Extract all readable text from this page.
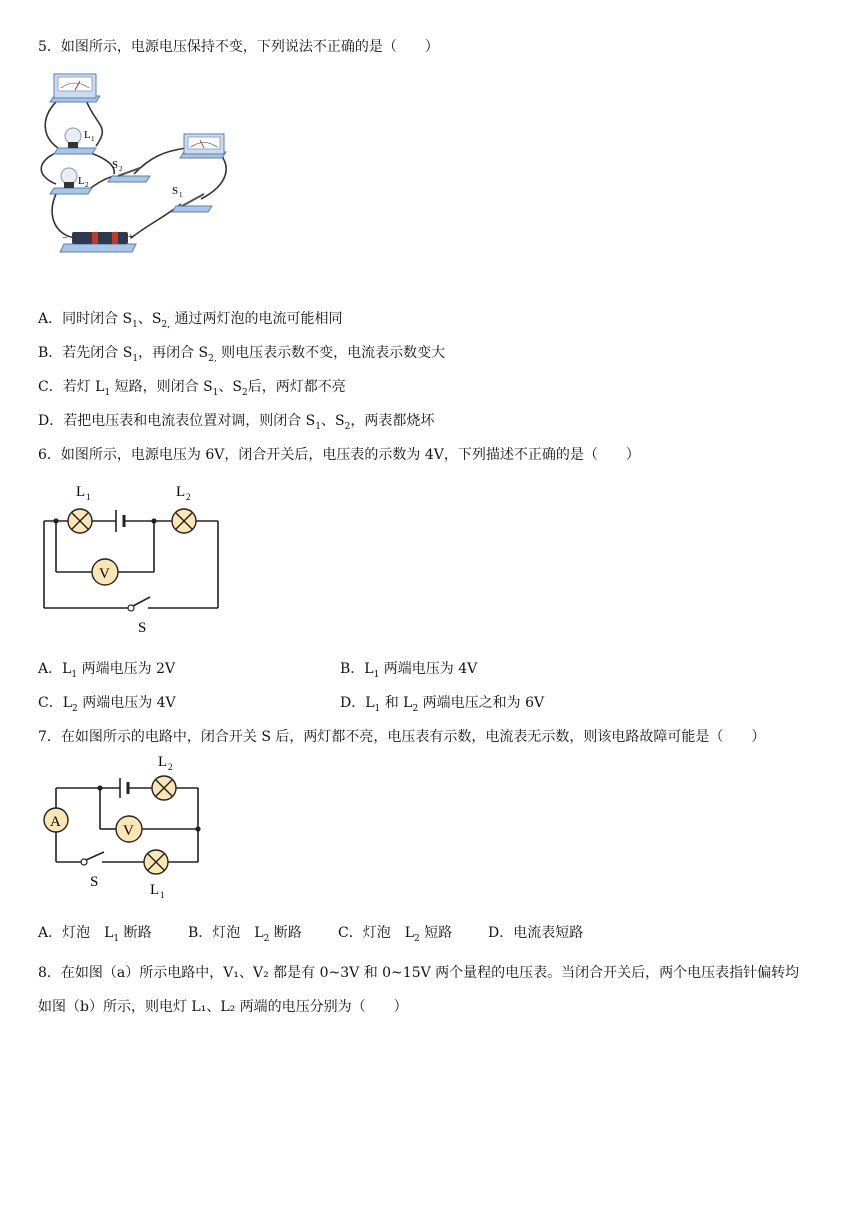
5．如图所示，电源电压保持不变，下列说法不正确的是（　　）
L 1
L 2
S 2
S 1
−	+
A．同时闭合 $S_1$、$S_{2,}$ 通过两灯泡的电流可能相同
B．若先闭合 $S_1$，再闭合 $S_{2,}$ 则电压表示数不变，电流表示数变大
C．若灯 $L_1$ 短路，则闭合 $S_1$、$S_2$后，两灯都不亮
D．若把电压表和电流表位置对调，则闭合 $S_1$、$S_2$，两表都烧坏
6．如图所示，电源电压为 6V，闭合开关后，电压表的示数为 4V，下列描述不正确的是（　　）
L 1	L 2
V
S
A．$L_1$ 两端电压为 2V	B．$L_1$ 两端电压为 4V
C．$L_2$ 两端电压为 4V	D．$L_1$ 和 $L_2$ 两端电压之和为 6V
7．在如图所示的电路中，闭合开关 S 后，两灯都不亮，电压表有示数，电流表无示数，则该电路故障可能是（　　）
A
L 2
V
S	L 1
A．灯泡　$L_1$ 断路	B．灯泡　$L_2$ 断路	C．灯泡　$L_2$ 短路	D．电流表短路
8．在如图（a）所示电路中，V₁、V₂ 都是有 0~3V 和 0~15V 两个量程的电压表。当闭合开关后，两个电压表指针偏转均
如图（b）所示，则电灯 L₁、L₂ 两端的电压分别为（　　）
